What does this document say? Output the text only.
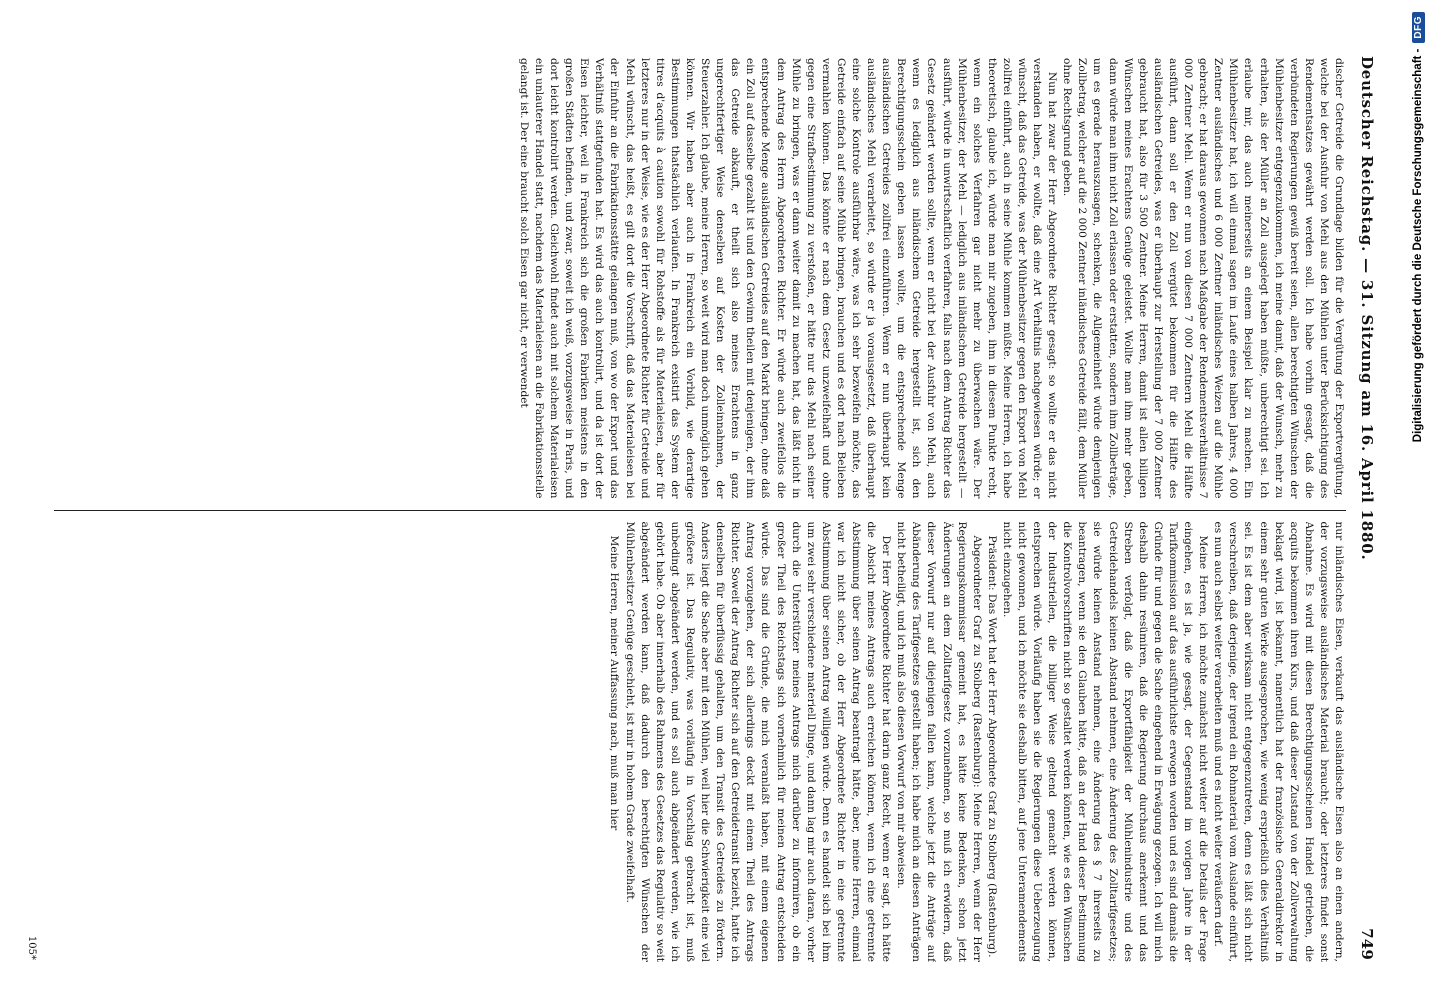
Deutscher Reichstag. — 31. Sitzung am 16. April 1880.
749

discher Getreide die Grundlage bilden für die Vergütung der Exportvergütung, welche bei der Ausfuhr von Mehl aus den Mühlen unter Berücksichtigung des Rendementsatzes gewährt werden soll. Ich habe vorhin gesagt, daß die verbündeten Regierungen gewiß bereit seien, allen berechtigten Wünschen der Mühlenbesitzer entgegenzukommen, ich meine damit, daß der Wunsch, mehr zu erhalten, als der Müller an Zoll ausgelegt haben müßte, unberechtigt sei. Ich erlaube mir, das auch meinerseits an einem Beispiel klar zu machen. Ein Mühlenbesitzer hat, ich will einmal sagen im Laufe eines halben Jahres, 4 000 Zentner ausländisches und 6 000 Zentner inländisches Weizen auf die Mühle gebracht; er hat daraus gewonnen nach Maßgabe der Rendementsverhältnisse 7 000 Zentner Mehl. Wenn er nun von diesen 7 000 Zentnern Mehl die Hälfte ausführt, dann soll er den Zoll vergütet bekommen für die Hälfte des ausländischen Getreides, was er überhaupt zur Herstellung der 7 000 Zentner gebraucht hat, also für 3 500 Zentner. Meine Herren, damit ist allen billigen Wünschen meines Erachtens Genüge geleistet. Wollte man ihm mehr geben, dann würde man ihm nicht Zoll erlassen oder erstatten, sondern ihm Zollbeträge, um es gerade herauszusagen, schenken, die Allgemeinheit würde demjenigen Zollbetrag, welcher auf die 2 000 Zentner inländisches Getreide fällt, dem Müller ohne Rechtsgrund geben.

Nun hat zwar der Herr Abgeordnete Richter gesagt: so wollte er das nicht verstanden haben, er wollte, daß eine Art Verhältnis nachgewiesen würde; er wünscht, daß das Getreide, was der Mühlenbesitzer gegen den Export von Mehl zollfrei einführt, auch in seine Mühle kommen müßte. Meine Herren, ich habe theoretisch, glaube ich, würde man mir zugeben, ihm in diesem Punkte recht, wenn ein solches Verfahren gar nicht mehr zu überwachen wäre. Der Mühlenbesitzer, der Mehl — lediglich aus inländischem Getreide hergestellt — ausführt, würde in unwirtschaftlich verfahren, falls nach dem Antrag Richter das Gesetz geändert werden sollte, wenn er nicht bei der Ausfuhr von Mehl, auch wenn es lediglich aus inländischem Getreide hergestellt ist, sich den Berechtigungsschein geben lassen wollte, um die entsprechende Menge ausländischen Getreides zollfrei einzuführen. Wenn er nun überhaupt kein ausländisches Mehl verarbeitet, so würde er ja vorausgesetzt, daß überhaupt eine solche Kontrole ausführbar wäre, was ich sehr bezweifeln möchte, das Getreide einfach auf seine Mühle bringen, brauchen und es dort nach Belieben vermahlen können. Das könnte er nach dem Gesetz unzweifelhaft und ohne gegen eine Strafbestimmung zu verstoßen, er hätte nur das Mehl nach seiner Mühle zu bringen, was er dann weiter damit zu machen hat, das läßt nicht in dem Antrag des Herrn Abgeordneten Richter. Er würde auch zweifellos die entsprechende Menge ausländischen Getreides auf den Markt bringen, ohne daß ein Zoll auf dasselbe gezahlt ist und den Gewinn theilen mit denjenigen, der ihm das Getreide abkauft, er theilt sich also meines Erachtens in ganz ungerechtfertiger Weise denselben auf Kosten der Zolleinnahmen, der Steuerzahler. Ich glaube, meine Herren, so weit wird man doch unmöglich gehen können. Wir haben aber auch in Frankreich ein Vorbild, wie derartige Bestimmungen thatsächlich verlaufen. In Frankreich existirt das System der titres d'acquits à caution sowohl für Rohstoffe als für Materialeisen, aber für letzteres nur in der Weise, wie es der Herr Abgeordnete Richter für Getreide und Mehl wünscht, das heißt, es gilt dort die Vorschrift, daß das Materialeisen bei der Einfuhr an die Fabrikationsstätte gelangen muß, von wo der Export und das Verhältniß stattgefunden hat. Es wird das auch kontrolirt, und da ist dort der Eisen leichter, weil in Frankreich sich die großen Fabriken meistens in den großen Städten befinden, und zwar, soweit ich weiß, vorzugsweise in Paris, und dort leicht kontrolirt werden. Gleichwohl findet auch mit solchem Materialeisen ein unlauterer Handel statt, nachdem das Materialeisen an die Fabrikationsstelle gelangt ist. Der eine braucht solch Eisen gar nicht, er verwendet

nur inländisches Eisen, verkauft das ausländische Eisen also an einen andern, der vorzugsweise ausländisches Material braucht; oder letzteres findet sonst Abnahme. Es wird mit diesen Berechtigungsscheinen Handel getrieben, die acquits bekommen ihren Kurs, und daß dieser Zustand von der Zollverwaltung beklagt wird, ist bekannt, namentlich hat der französische Generaldirektor in einem sehr guten Werke ausgesprochen, wie wenig ersprießlich dies Verhältniß sei. Es ist dem aber wirksam nicht entgegenzutreten, denn es läßt sich nicht verschreiben, daß derjenige, der irgend ein Rohmaterial vom Auslande einführt, es nun auch selbst weiter verarbeiten muß und es nicht weiter veräußern darf.

Meine Herren, ich möchte zunächst nicht weiter auf die Details der Frage eingehen, es ist ja, wie gesagt, der Gegenstand im vorigen Jahre in der Tarifkommission auf das ausführlichste erwogen worden und es sind damals die Gründe für und gegen die Sache eingehend in Erwägung gezogen. Ich will mich deshalb dahin resümiren, daß die Regierung durchaus anerkennt und das Streben verfolgt, daß die Exportfähigkeit der Mühlenindustrie und des Getreidehandels keinen Abstand nehmen, eine Änderung des Zolltarifgesetzes; sie würde keinen Anstand nehmen, eine Änderung des § 7 ihrerseits zu beantragen, wenn sie den Glauben hätte, daß an der Hand dieser Bestimmung die Kontrolvorschriften nicht so gestaltet werden könnten, wie es den Wünschen der Industriellen, die billiger Weise geltend gemacht werden können, entsprechen würde. Vorläufig haben sie die Regierungen diese Ueberzeugung nicht gewonnen, und ich möchte sie deshalb bitten, auf jene Unteramendements nicht einzugehen.

Präsident: Das Wort hat der Herr Abgeordnete Graf zu Stolberg (Rastenburg).

Abgeordneter Graf zu Stolberg (Rastenburg): Meine Herren, wenn der Herr Regierungskommissar gemeint hat, es hätte keine Bedenken, schon jetzt Änderungen an dem Zolltarifgesetz vorzunehmen, so muß ich erwidern, daß dieser Vorwurf nur auf diejenigen fallen kann, welche jetzt die Anträge auf Abänderung des Tarifgesetzes gestellt haben; ich habe mich an diesen Anträgen nicht betheiligt, und ich muß also diesen Vorwurf von mir abweisen.

Der Herr Abgeordnete Richter hat darin ganz Recht, wenn er sagt, ich hätte die Absicht meines Antrags auch erreichen können, wenn ich eine getrennte Abstimmung über seinen Antrag beantragt hätte, aber, meine Herren, einmal war ich nicht sicher, ob der Herr Abgeordnete Richter in eine getrennte Abstimmung über seinen Antrag willigen würde. Denn es handelt sich bei ihm um zwei sehr verschiedene materiell Dinge, und dann lag mir auch daran, vorher durch die Unterstützer meines Antrags mich darüber zu informiren, ob ein großer Theil des Reichstags sich vornehmlich für meinen Antrag entscheiden würde. Das sind die Gründe, die mich veranlaßt haben, mit einem eigenen Antrag vorzugehen, der sich allerdings deckt mit einem Theil des Antrags Richter. Soweit der Antrag Richter sich auf den Getreidetransit bezieht, hatte ich denselben für überflüssig gehalten, um den Transit des Getreides zu fördern. Anders liegt die Sache aber mit den Mühlen, weil hier die Schwierigkeit eine viel größere ist. Das Regulativ, was vorläufig in Vorschlag gebracht ist, muß unbedingt abgeändert werden, und es soll auch abgeändert werden, wie ich gehört habe. Ob aber innerhalb des Rahmens des Gesetzes das Regulativ so weit abgeändert werden kann, daß dadurch den berechtigten Wünschen der Mühlenbesitzer Genüge geschieht, ist mir in hohem Grade zweifelhaft.

Meine Herren, meiner Auffassung nach, muß man hier

105*
Digitalisierung gefördert durch die Deutsche Forschungsgemeinschaft -
DFG
